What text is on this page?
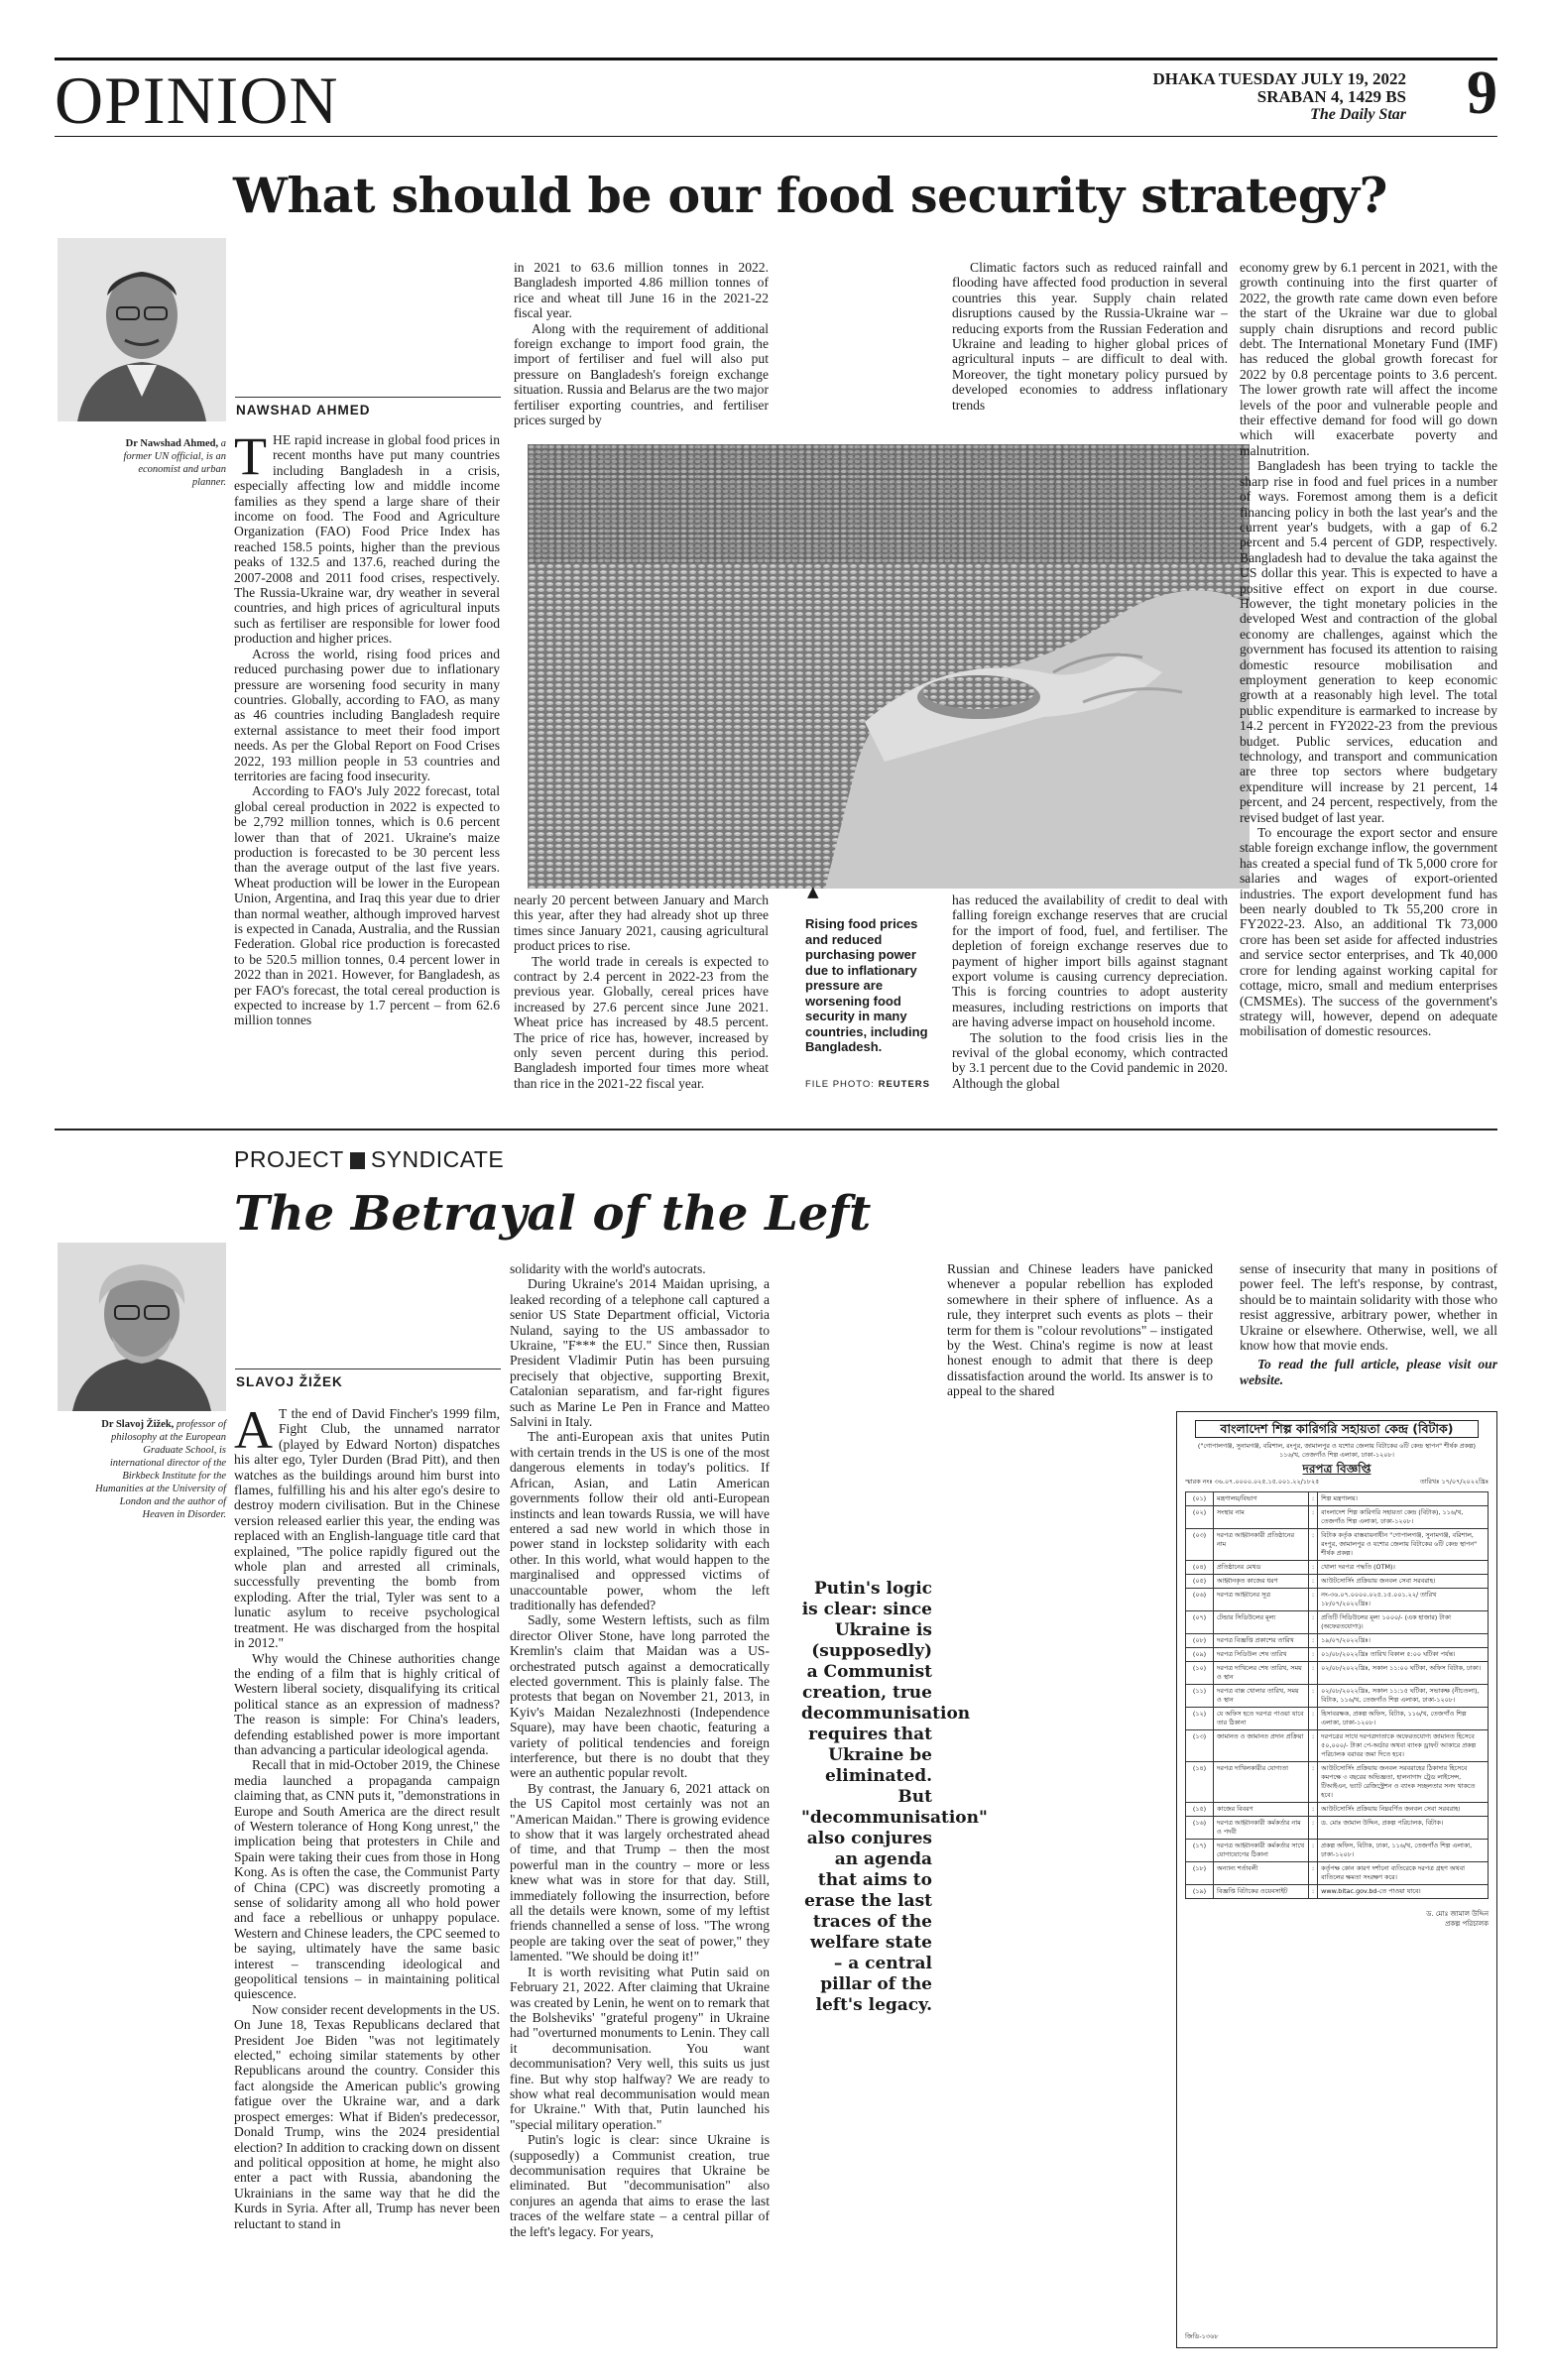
OPINION	DHAKA TUESDAY JULY 19, 2022
SRABAN 4, 1429 BS
The Daily Star 9
What should be our food security strategy?
Dr Nawshad Ahmed, a former UN official, is an economist and urban planner.
NAWSHAD AHMED
T HE rapid increase in global food prices in recent months have put many countries including Bangladesh in a crisis, especially affecting low and middle income families as they spend a large share of their income on food. The Food and Agriculture Organization (FAO) Food Price Index has reached 158.5 points, higher than the previous peaks of 132.5 and 137.6, reached during the 2007-2008 and 2011 food crises, respectively. The Russia-Ukraine war, dry weather in several countries, and high prices of agricultural inputs such as fertiliser are responsible for lower food production and higher prices.

Across the world, rising food prices and reduced purchasing power due to inflationary pressure are worsening food security in many countries. Globally, according to FAO, as many as 46 countries including Bangladesh require external assistance to meet their food import needs. As per the Global Report on Food Crises 2022, 193 million people in 53 countries and territories are facing food insecurity.

According to FAO's July 2022 forecast, total global cereal production in 2022 is expected to be 2,792 million tonnes, which is 0.6 percent lower than that of 2021. Ukraine's maize production is forecasted to be 30 percent less than the average output of the last five years. Wheat production will be lower in the European Union, Argentina, and Iraq this year due to drier than normal weather, although improved harvest is expected in Canada, Australia, and the Russian Federation. Global rice production is forecasted to be 520.5 million tonnes, 0.4 percent lower in 2022 than in 2021. However, for Bangladesh, as per FAO's forecast, the total cereal production is expected to increase by 1.7 percent – from 62.6 million tonnes

in 2021 to 63.6 million tonnes in 2022. Bangladesh imported 4.86 million tonnes of rice and wheat till June 16 in the 2021-22 fiscal year.

Along with the requirement of additional foreign exchange to import food grain, the import of fertiliser and fuel will also put pressure on Bangladesh's foreign exchange situation. Russia and Belarus are the two major fertiliser exporting countries, and fertiliser prices surged by

Climatic factors such as reduced rainfall and flooding have affected food production in several countries this year. Supply chain related disruptions caused by the Russia-Ukraine war – reducing exports from the Russian Federation and Ukraine and leading to higher global prices of agricultural inputs – are difficult to deal with. Moreover, the tight monetary policy pursued by developed economies to address inflationary trends

nearly 20 percent between January and March this year, after they had already shot up three times since January 2021, causing agricultural product prices to rise.

The world trade in cereals is expected to contract by 2.4 percent in 2022-23 from the previous year. Globally, cereal prices have increased by 27.6 percent since June 2021. Wheat price has increased by 48.5 percent. The price of rice has, however, increased by only seven percent during this period. Bangladesh imported four times more wheat than rice in the 2021-22 fiscal year.

▲
Rising food prices and reduced purchasing power due to inflationary pressure are worsening food security in many countries, including Bangladesh.
FILE PHOTO: REUTERS

has reduced the availability of credit to deal with falling foreign exchange reserves that are crucial for the import of food, fuel, and fertiliser. The depletion of foreign exchange reserves due to payment of higher import bills against stagnant export volume is causing currency depreciation. This is forcing countries to adopt austerity measures, including restrictions on imports that are having adverse impact on household income.

The solution to the food crisis lies in the revival of the global economy, which contracted by 3.1 percent due to the Covid pandemic in 2020. Although the global

economy grew by 6.1 percent in 2021, with the growth continuing into the first quarter of 2022, the growth rate came down even before the start of the Ukraine war due to global supply chain disruptions and record public debt. The International Monetary Fund (IMF) has reduced the global growth forecast for 2022 by 0.8 percentage points to 3.6 percent. The lower growth rate will affect the income levels of the poor and vulnerable people and their effective demand for food will go down which will exacerbate poverty and malnutrition.

Bangladesh has been trying to tackle the sharp rise in food and fuel prices in a number of ways. Foremost among them is a deficit financing policy in both the last year's and the current year's budgets, with a gap of 6.2 percent and 5.4 percent of GDP, respectively. Bangladesh had to devalue the taka against the US dollar this year. This is expected to have a positive effect on export in due course. However, the tight monetary policies in the developed West and contraction of the global economy are challenges, against which the government has focused its attention to raising domestic resource mobilisation and employment generation to keep economic growth at a reasonably high level. The total public expenditure is earmarked to increase by 14.2 percent in FY2022-23 from the previous budget. Public services, education and technology, and transport and communication are three top sectors where budgetary expenditure will increase by 21 percent, 14 percent, and 24 percent, respectively, from the revised budget of last year.

To encourage the export sector and ensure stable foreign exchange inflow, the government has created a special fund of Tk 5,000 crore for salaries and wages of export-oriented industries. The export development fund has been nearly doubled to Tk 55,200 crore in FY2022-23. Also, an additional Tk 73,000 crore has been set aside for affected industries and service sector enterprises, and Tk 40,000 crore for lending against working capital for cottage, micro, small and medium enterprises (CMSMEs). The success of the government's strategy will, however, depend on adequate mobilisation of domestic resources.

PROJECT SYNDICATE
The Betrayal of the Left
Dr Slavoj Žižek, professor of philosophy at the European Graduate School, is international director of the Birkbeck Institute for the Humanities at the University of London and the author of Heaven in Disorder.
SLAVOJ ŽIŽEK
A T the end of David Fincher's 1999 film, Fight Club, the unnamed narrator (played by Edward Norton) dispatches his alter ego, Tyler Durden (Brad Pitt), and then watches as the buildings around him burst into flames, fulfilling his and his alter ego's desire to destroy modern civilisation. But in the Chinese version released earlier this year, the ending was replaced with an English-language title card that explained, "The police rapidly figured out the whole plan and arrested all criminals, successfully preventing the bomb from exploding. After the trial, Tyler was sent to a lunatic asylum to receive psychological treatment. He was discharged from the hospital in 2012."

Why would the Chinese authorities change the ending of a film that is highly critical of Western liberal society, disqualifying its critical political stance as an expression of madness? The reason is simple: For China's leaders, defending established power is more important than advancing a particular ideological agenda.

Recall that in mid-October 2019, the Chinese media launched a propaganda campaign claiming that, as CNN puts it, "demonstrations in Europe and South America are the direct result of Western tolerance of Hong Kong unrest," the implication being that protesters in Chile and Spain were taking their cues from those in Hong Kong. As is often the case, the Communist Party of China (CPC) was discreetly promoting a sense of solidarity among all who hold power and face a rebellious or unhappy populace. Western and Chinese leaders, the CPC seemed to be saying, ultimately have the same basic interest – transcending ideological and geopolitical tensions – in maintaining political quiescence.

Now consider recent developments in the US. On June 18, Texas Republicans declared that President Joe Biden "was not legitimately elected," echoing similar statements by other Republicans around the country. Consider this fact alongside the American public's growing fatigue over the Ukraine war, and a dark prospect emerges: What if Biden's predecessor, Donald Trump, wins the 2024 presidential election? In addition to cracking down on dissent and political opposition at home, he might also enter a pact with Russia, abandoning the Ukrainians in the same way that he did the Kurds in Syria. After all, Trump has never been reluctant to stand in

solidarity with the world's autocrats.

During Ukraine's 2014 Maidan uprising, a leaked recording of a telephone call captured a senior US State Department official, Victoria Nuland, saying to the US ambassador to Ukraine, "F*** the EU." Since then, Russian President Vladimir Putin has been pursuing precisely that objective, supporting Brexit, Catalonian separatism, and far-right figures such as Marine Le Pen in France and Matteo Salvini in Italy.

The anti-European axis that unites Putin with certain trends in the US is one of the most dangerous elements in today's politics. If African, Asian, and Latin American governments follow their old anti-European instincts and lean towards Russia, we will have entered a sad new world in which those in power stand in lockstep solidarity with each other. In this world, what would happen to the marginalised and oppressed victims of unaccountable power, whom the left traditionally has defended?

Sadly, some Western leftists, such as film director Oliver Stone, have long parroted the Kremlin's claim that Maidan was a US-orchestrated putsch against a democratically elected government. This is plainly false. The protests that began on November 21, 2013, in Kyiv's Maidan Nezalezhnosti (Independence Square), may have been chaotic, featuring a variety of political tendencies and foreign interference, but there is no doubt that they were an authentic popular revolt.

By contrast, the January 6, 2021 attack on the US Capitol most certainly was not an "American Maidan." There is growing evidence to show that it was largely orchestrated ahead of time, and that Trump – then the most powerful man in the country – more or less knew what was in store for that day. Still, immediately following the insurrection, before all the details were known, some of my leftist friends channelled a sense of loss. "The wrong people are taking over the seat of power," they lamented. "We should be doing it!"

It is worth revisiting what Putin said on February 21, 2022. After claiming that Ukraine was created by Lenin, he went on to remark that the Bolsheviks' "grateful progeny" in Ukraine had "overturned monuments to Lenin. They call it decommunisation. You want decommunisation? Very well, this suits us just fine. But why stop halfway? We are ready to show what real decommunisation would mean for Ukraine." With that, Putin launched his "special military operation."

Putin's logic is clear: since Ukraine is (supposedly) a Communist creation, true decommunisation requires that Ukraine be eliminated. But "decommunisation" also conjures an agenda that aims to erase the last traces of the welfare state – a central pillar of the left's legacy. For years,

Putin's logic is clear: since Ukraine is (supposedly) a Communist creation, true decommunisation requires that Ukraine be eliminated. But "decommunisation" also conjures an agenda that aims to erase the last traces of the welfare state – a central pillar of the left's legacy.

Russian and Chinese leaders have panicked whenever a popular rebellion has exploded somewhere in their sphere of influence. As a rule, they interpret such events as plots – their term for them is "colour revolutions" – instigated by the West. China's regime is now at least honest enough to admit that there is deep dissatisfaction around the world. Its answer is to appeal to the shared

sense of insecurity that many in positions of power feel. The left's response, by contrast, should be to maintain solidarity with those who resist aggressive, arbitrary power, whether in Ukraine or elsewhere. Otherwise, well, we all know how that movie ends.

To read the full article, please visit our website.

বাংলাদেশ শিল্প কারিগরি সহায়তা কেন্দ্র (বিটাক)
("গোপালগঞ্জ, সুনামগঞ্জ, বরিশাল, রংপুর, জামালপুর ও যশোর জেলায় বিটাকের ৬টি কেন্দ্র স্থাপন" শীর্ষক প্রকল্প)
১১৬/খ, তেজগাঁও শিল্প এলাকা, ঢাকা-১২০৮।
দরপত্র বিজ্ঞপ্তি
স্মারক নংঃ ৩৬.০৭.০০০০.০২৫.১৫.০০১.২২/১৮২৫	তারিখঃ ১৭/০৭/২০২২খ্রিঃ
(০১)	মন্ত্রণালয়/বিভাগ	:	শিল্প মন্ত্রণালয়।
(০২)	সংস্থার নাম	:	বাংলাদেশ শিল্প কারিগরি সহায়তা কেন্দ্র (বিটাক), ১১৬/খ, তেজগাঁও শিল্প এলাকা, ঢাকা-১২০৮।
(০৩)	দরপত্র আহ্বানকারী প্রতিষ্ঠানের নাম	:	বিটাক কর্তৃক বাস্তবায়নাধীন "গোপালগঞ্জ, সুনামগঞ্জ, বরিশাল, রংপুর, জামালপুর ও যশোর জেলায় বিটাকের ৬টি কেন্দ্র স্থাপন" শীর্ষক প্রকল্প।
(০৪)	প্রতিষ্ঠানের মেথড	:	খোলা দরপত্র পদ্ধতি (OTM)।
(০৫)	আহ্বানকৃত কাজের ধরণ	:	আউটসোর্সিং প্রক্রিয়ায় জনবল সেবা সরবরাহ।
(০৬)	দরপত্র আহ্বানের সূত্র	:	নং-৩৬.০৭.০০০০.০২৫.১৫.০০১.২২/ তারিখ ১৮/০৭/২০২২খ্রিঃ।
(০৭)	টেন্ডার সিডিউলের মূল্য	:	প্রতিটি সিডিউলের মূল্য ১০০০/- (এক হাজার) টাকা (অফেরতযোগ্য)।
(০৮)	দরপত্র বিজ্ঞপ্তি প্রকাশের তারিখ	:	১৯/০৭/২০২২খ্রিঃ।
(০৯)	দরপত্র সিডিউল শেষ তারিখ	:	০১/০৮/২০২২খ্রিঃ তারিখ বিকাল ৫:০০ ঘটিকা পর্যন্ত।
(১০)	দরপত্র দাখিলের শেষ তারিখ, সময় ও স্থান	:	০২/০৮/২০২২খ্রিঃ, সকাল ১১:০০ ঘটিকা, অফিস বিটাক, ঢাকা।
(১১)	দরপত্র বাক্স খোলার তারিখ, সময় ও স্থান	:	০২/০৮/২০২২খ্রিঃ, সকাল ১১:১৫ ঘটিকা, সভাকক্ষ (নীচতলা), বিটাক, ১১৬/খ, তেজগাঁও শিল্প এলাকা, ঢাকা-১২০৮।
(১২)	যে অফিস হতে দরপত্র পাওয়া যাবে তার ঠিকানা	:	হিসাবরক্ষক, প্রকল্প অফিস, বিটাক, ১১৬/খ, তেজগাঁও শিল্প এলাকা, ঢাকা-১২০৮।
(১৩)	জামানত ও জামানত প্রদান প্রক্রিয়া	:	দরপত্রের সাথে দরপত্রদাতাকে অফেরতযোগ্য জামানত হিসেবে ৫০,০০০/- টাকা পে-অর্ডার অথবা ব্যাংক ড্রাফট আকারে প্রকল্প পরিচালক বরাবর জমা দিতে হবে।
(১৪)	দরপত্র দাখিলকারীর যোগ্যতা	:	আউটসোর্সিং প্রক্রিয়ায় জনবল সরবরাহের ঠিকাদার হিসেবে কমপক্ষে ৩ বছরের অভিজ্ঞতা, হালনাগাদ ট্রেড লাইসেন্স, টিআইএন, ভ্যাট রেজিস্ট্রেশন ও ব্যাংক সচ্ছলতার সনদ থাকতে হবে।
(১৫)	কাজের বিবরণ	:	আউটসোর্সিং প্রক্রিয়ায় নিম্নবর্ণিত জনবল সেবা সরবরাহ।
(১৬)	দরপত্র আহ্বানকারী কর্মকর্তার নাম ও পদবী	:	ড. মোঃ জামাল উদ্দিন, প্রকল্প পরিচালক, বিটাক।
(১৭)	দরপত্র আহ্বানকারী কর্মকর্তার সাথে যোগাযোগের ঠিকানা	:	প্রকল্প অফিস, বিটাক, ঢাকা, ১১৬/খ, তেজগাঁও শিল্প এলাকা, ঢাকা-১২০৮।
(১৮)	অন্যান্য শর্তাবলী	:	কর্তৃপক্ষ কোন কারণ দর্শানো ব্যতিরেকে দরপত্র গ্রহণ অথবা বাতিলের ক্ষমতা সংরক্ষণ করে।
(১৯)	বিজ্ঞপ্তি বিটাকের ওয়েবসাইট	:	www.bitac.gov.bd-তে পাওয়া যাবে।
ড. মোঃ জামাল উদ্দিন
প্রকল্প পরিচালক
জিডি-১৩৬৮
